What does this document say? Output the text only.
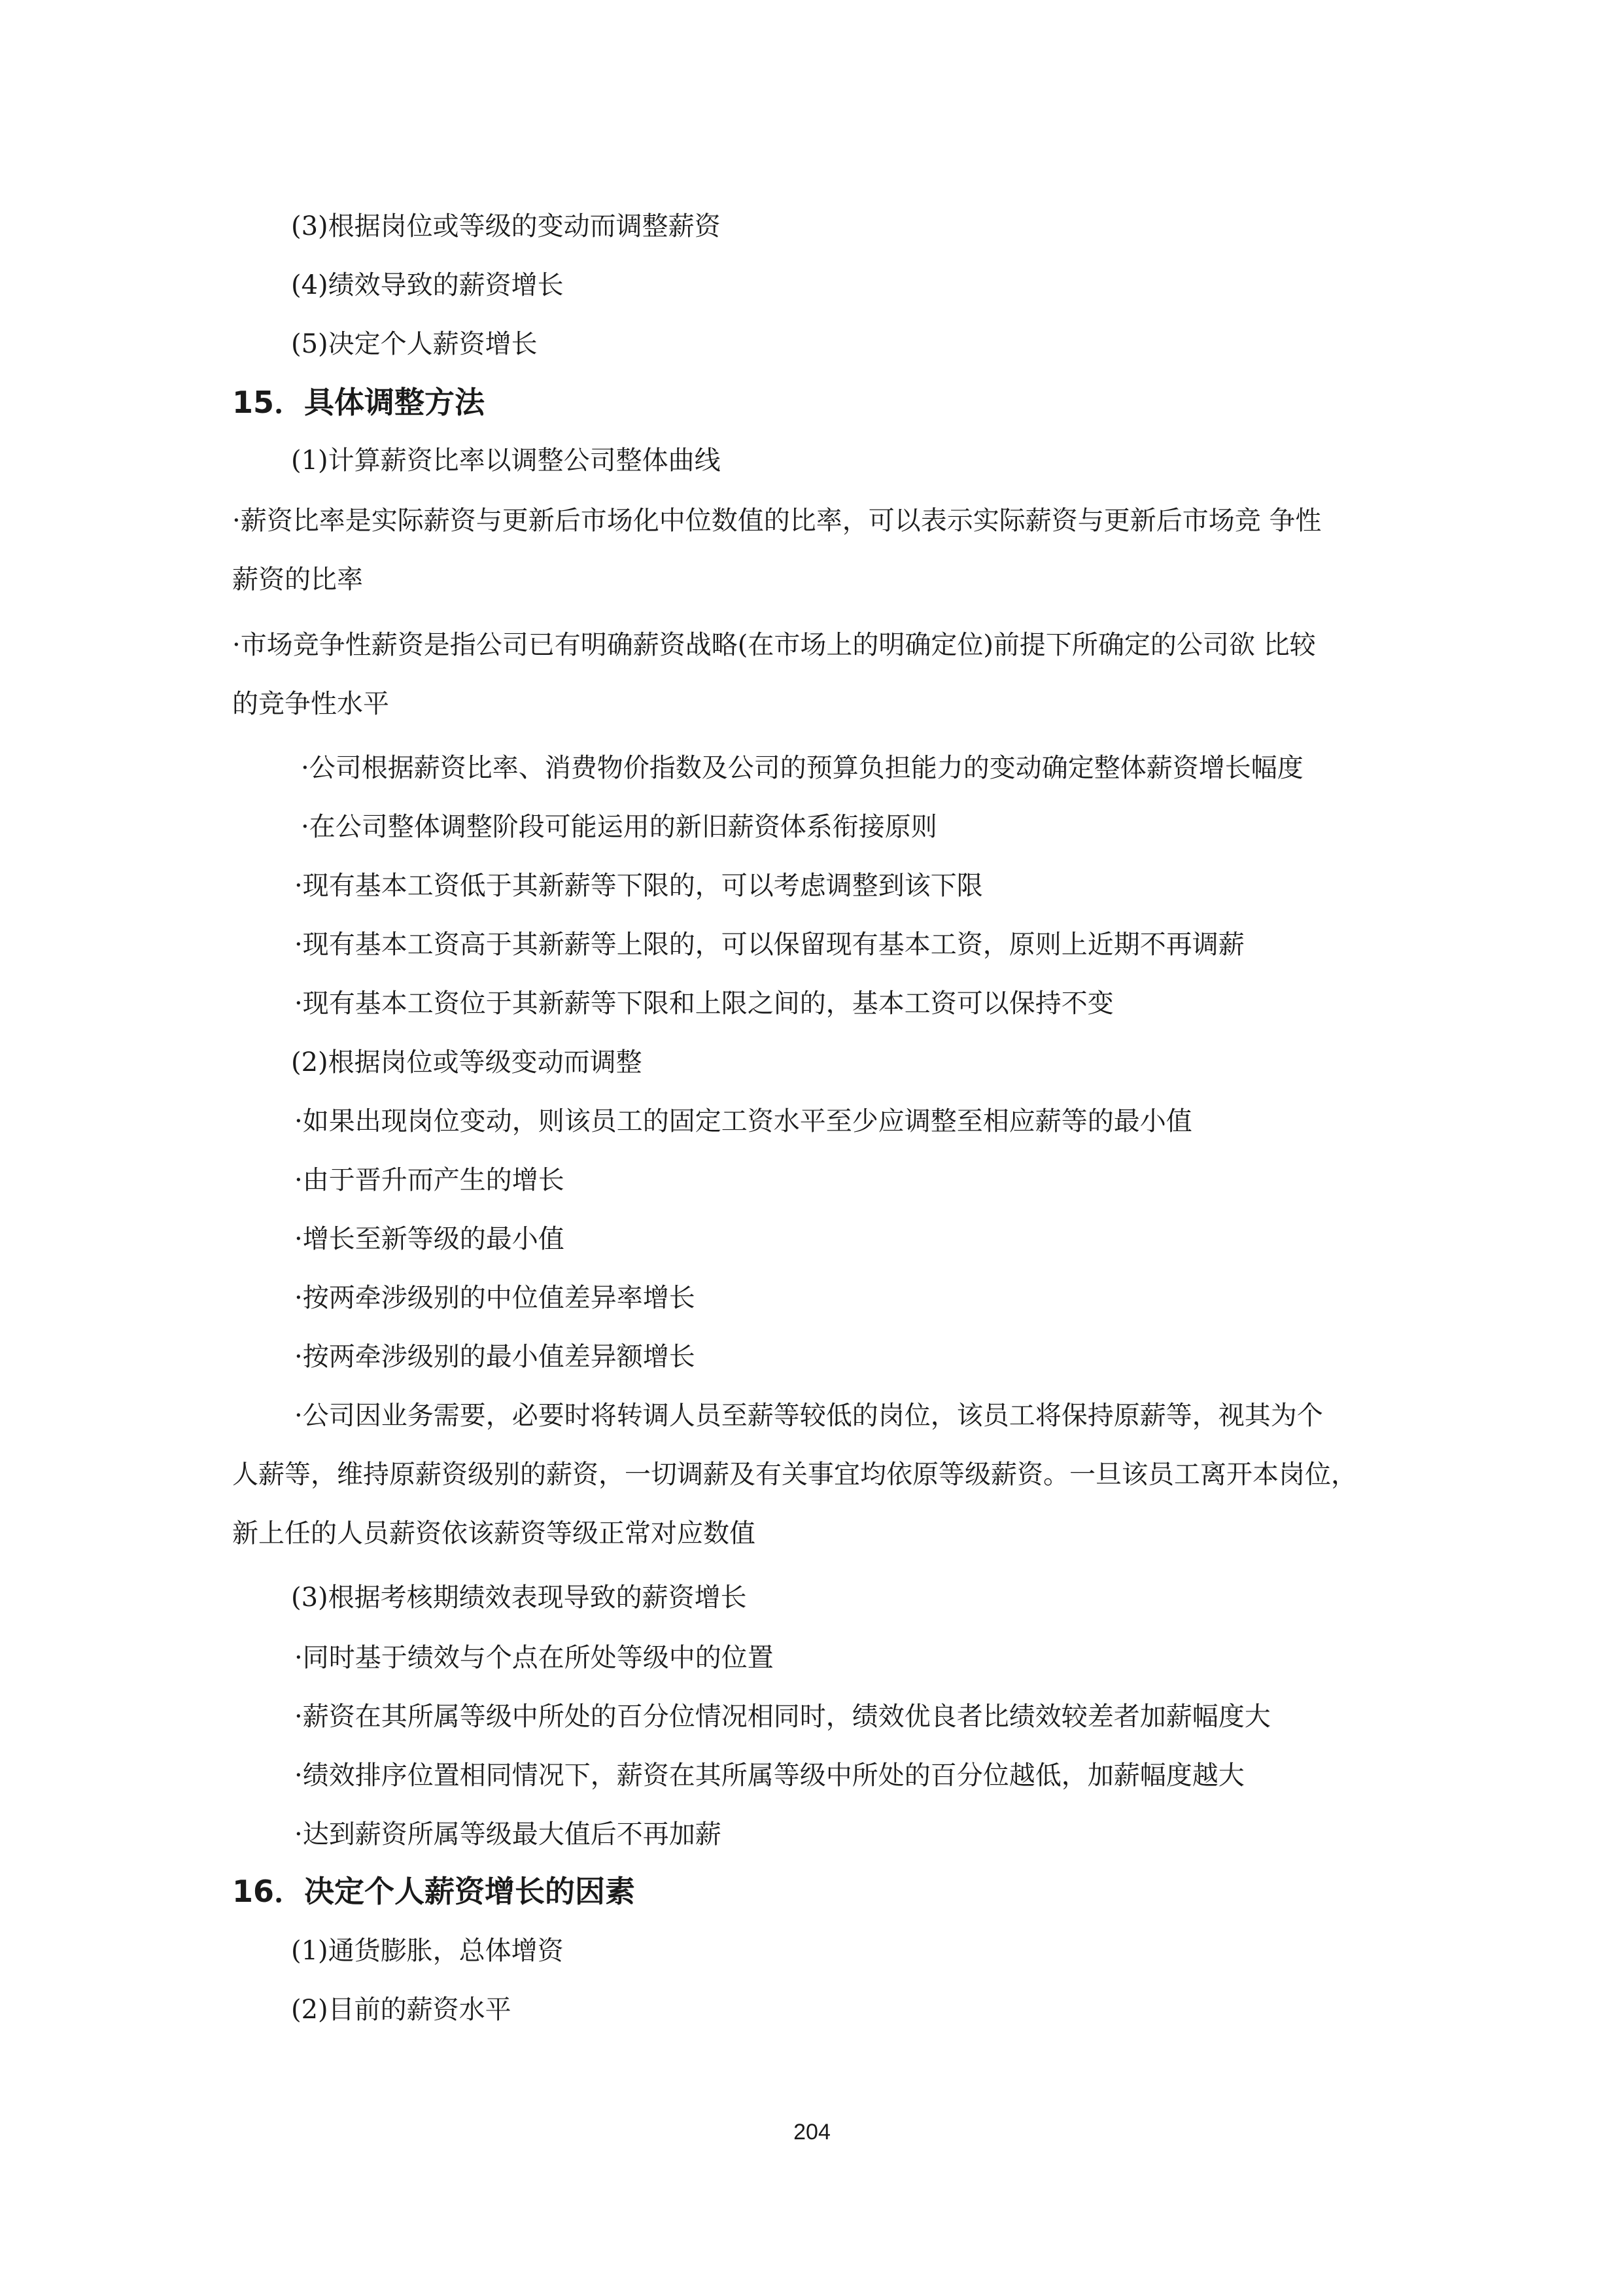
(3)根据岗位或等级的变动而调整薪资
(4)绩效导致的薪资增长
(5)决定个人薪资增长
15．具体调整方法
(1)计算薪资比率以调整公司整体曲线
·薪资比率是实际薪资与更新后市场化中位数值的比率，可以表示实际薪资与更新后市场竞 争性
薪资的比率
·市场竞争性薪资是指公司已有明确薪资战略(在市场上的明确定位)前提下所确定的公司欲 比较
的竞争性水平
·公司根据薪资比率、消费物价指数及公司的预算负担能力的变动确定整体薪资增长幅度
·在公司整体调整阶段可能运用的新旧薪资体系衔接原则
·现有基本工资低于其新薪等下限的，可以考虑调整到该下限
·现有基本工资高于其新薪等上限的，可以保留现有基本工资，原则上近期不再调薪
·现有基本工资位于其新薪等下限和上限之间的，基本工资可以保持不变
(2)根据岗位或等级变动而调整
·如果出现岗位变动，则该员工的固定工资水平至少应调整至相应薪等的最小值
·由于晋升而产生的增长
·增长至新等级的最小值
·按两牵涉级别的中位值差异率增长
·按两牵涉级别的最小值差异额增长
·公司因业务需要，必要时将转调人员至薪等较低的岗位，该员工将保持原薪等，视其为个
人薪等，维持原薪资级别的薪资，一切调薪及有关事宜均依原等级薪资。一旦该员工离开本岗位，
新上任的人员薪资依该薪资等级正常对应数值
(3)根据考核期绩效表现导致的薪资增长
·同时基于绩效与个点在所处等级中的位置
·薪资在其所属等级中所处的百分位情况相同时，绩效优良者比绩效较差者加薪幅度大
·绩效排序位置相同情况下，薪资在其所属等级中所处的百分位越低，加薪幅度越大
·达到薪资所属等级最大值后不再加薪
16．决定个人薪资增长的因素
(1)通货膨胀，总体增资
(2)目前的薪资水平
204
